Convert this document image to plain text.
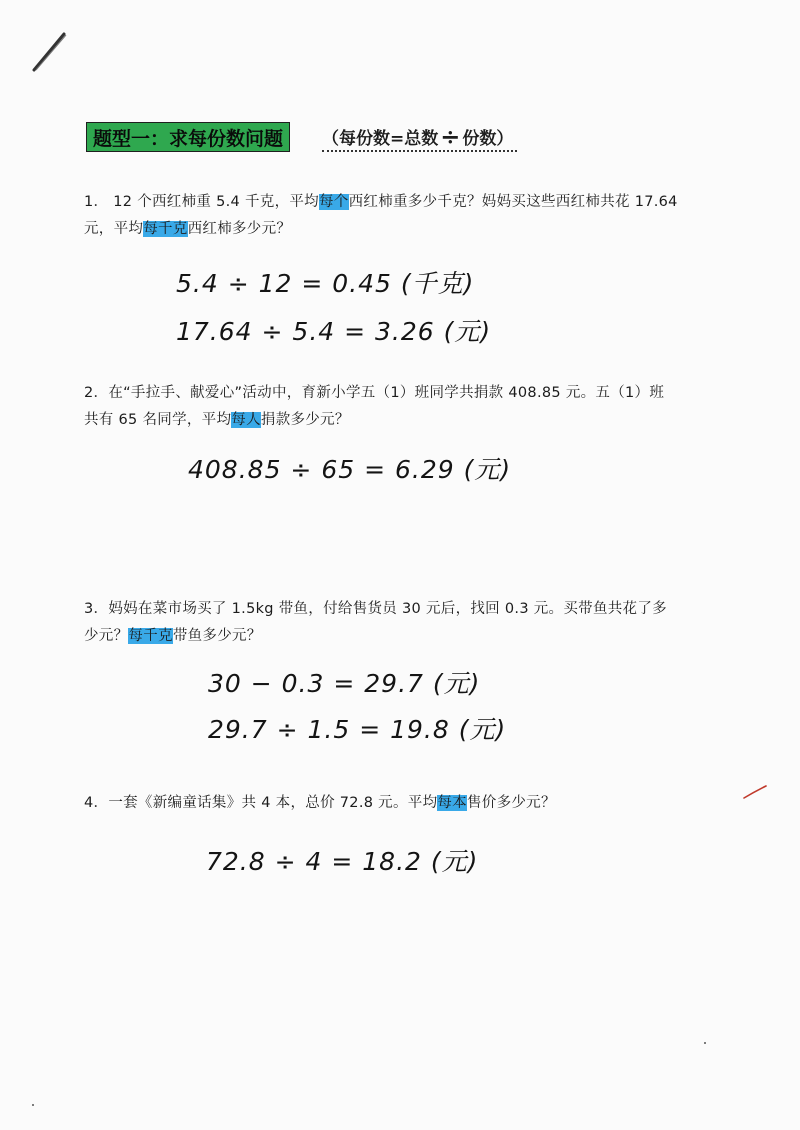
题型一：求每份数问题	（每份数=总数 ÷ 份数）
1． 12 个西红柿重 5.4 千克，平均每个西红柿重多少千克？妈妈买这些西红柿共花 17.64
元，平均每千克西红柿多少元？
5.4 ÷ 12 = 0.45 (千克)
17.64 ÷ 5.4 = 3.26 (元)
2．在“手拉手、献爱心”活动中，育新小学五（1）班同学共捐款 408.85 元。五（1）班
共有 65 名同学，平均每人捐款多少元？
408.85 ÷ 65 = 6.29 (元)
3．妈妈在菜市场买了 1.5kg 带鱼，付给售货员 30 元后，找回 0.3 元。买带鱼共花了多
少元？每千克带鱼多少元？
30 − 0.3 = 29.7 (元)
29.7 ÷ 1.5 = 19.8 (元)
4．一套《新编童话集》共 4 本，总价 72.8 元。平均每本售价多少元？
72.8 ÷ 4 = 18.2 (元)
